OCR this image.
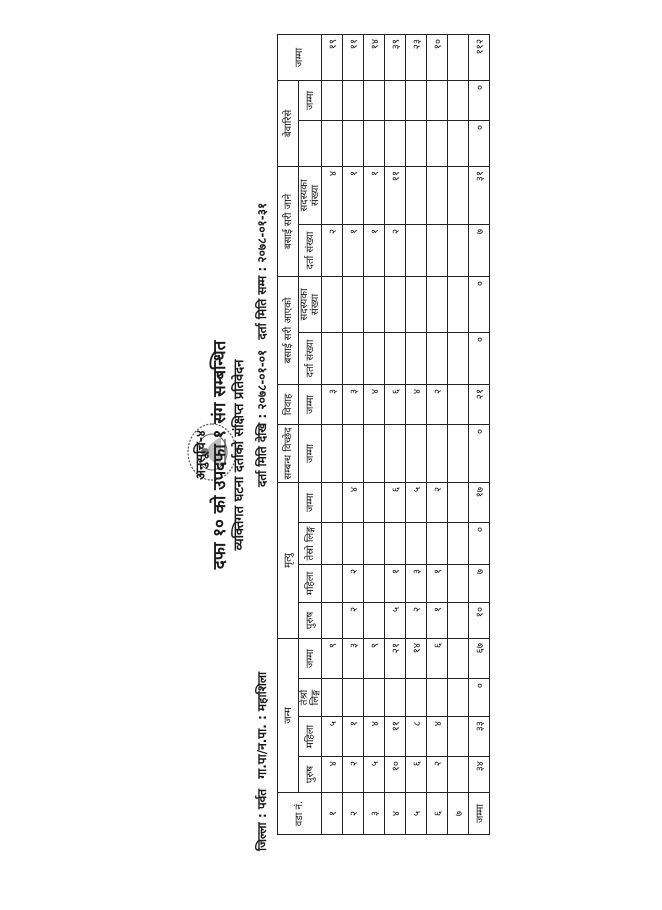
अनुसूचि-४ दफा १० को उपदफा १ संग सम्बन्धित व्यक्तिगत घटना दर्ताको संक्षिप्त प्रतिवेदन
जिल्ला : पर्वत गा.पा/न.पा. : महाशिला
दर्ता मिति देखि : २०७८-०१-०१ दर्ता मिति सम्म : २०७८-०१-३१
वडा नं.	जन्म				मृत्यु				सम्बन्ध विच्छेद	विवाह	बसाई सरी आएको		बसाई सरी जाने		बेवारिसे		जम्मा
	पुरुष	महिला	तेश्रो लिङ्ग	जम्मा	पुरुष	महिला	तेस्रो लिङ्ग	जम्मा			दर्ता संख्या	सदस्यका संख्या	दर्ता संख्या	सदस्यका संख्या		जम्मा	
									जम्मा	जम्मा							
१	४	५		९						३			२	४			१९
२	२	१		३	२	२		४		३			१	१			११
३	५	४		९						४			१	१			१४
४	१०	११		२१	५	१		६		६			२	११			३९
५	६	८		१४	२	३		५		४							२३
६	२	४		६	१	१		२		२							१०
७																	
जम्मा	३४	३३	०	६७	१०	७	०	१७	०	२१	०	०	७	३१	०	०	११२
